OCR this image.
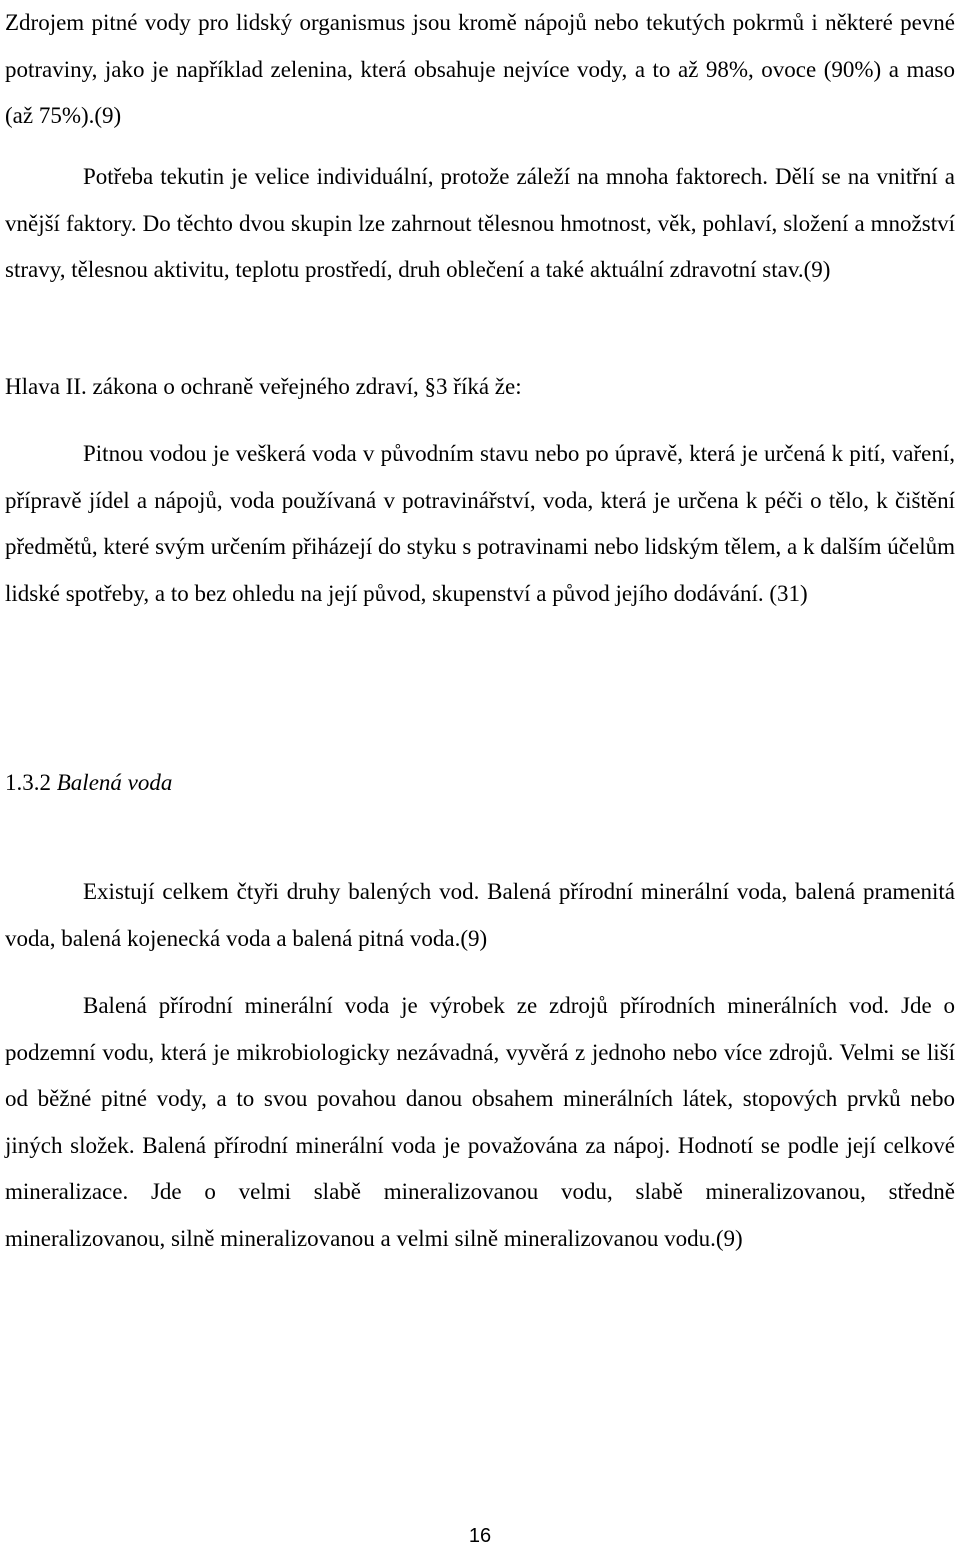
Zdrojem pitné vody pro lidský organismus jsou kromě nápojů nebo tekutých pokrmů i některé pevné potraviny, jako je například zelenina, která obsahuje nejvíce vody, a to až 98%, ovoce (90%) a maso (až 75%).(9)

Potřeba tekutin je velice individuální, protože záleží na mnoha faktorech. Dělí se na vnitřní a vnější faktory. Do těchto dvou skupin lze zahrnout tělesnou hmotnost, věk, pohlaví, složení a množství stravy, tělesnou aktivitu, teplotu prostředí, druh oblečení a také aktuální zdravotní stav.(9)

Hlava II. zákona o ochraně veřejného zdraví, §3 říká že:

Pitnou vodou je veškerá voda v původním stavu nebo po úpravě, která je určená k pití, vaření, přípravě jídel a nápojů, voda používaná v potravinářství, voda, která je určena k péči o tělo, k čištění předmětů, které svým určením přiházejí do styku s potravinami nebo lidským tělem, a k dalším účelům lidské spotřeby, a to bez ohledu na její původ, skupenství a původ jejího dodávání. (31)

1.3.2 Balená voda

Existují celkem čtyři druhy balených vod. Balená přírodní minerální voda, balená pramenitá voda, balená kojenecká voda a balená pitná voda.(9)

Balená přírodní minerální voda je výrobek ze zdrojů přírodních minerálních vod. Jde o podzemní vodu, která je mikrobiologicky nezávadná, vyvěrá z jednoho nebo více zdrojů. Velmi se liší od běžné pitné vody, a to svou povahou danou obsahem minerálních látek, stopových prvků nebo jiných složek. Balená přírodní minerální voda je považována za nápoj. Hodnotí se podle její celkové mineralizace. Jde o velmi slabě mineralizovanou vodu, slabě mineralizovanou, středně mineralizovanou, silně mineralizovanou a velmi silně mineralizovanou vodu.(9)

16
